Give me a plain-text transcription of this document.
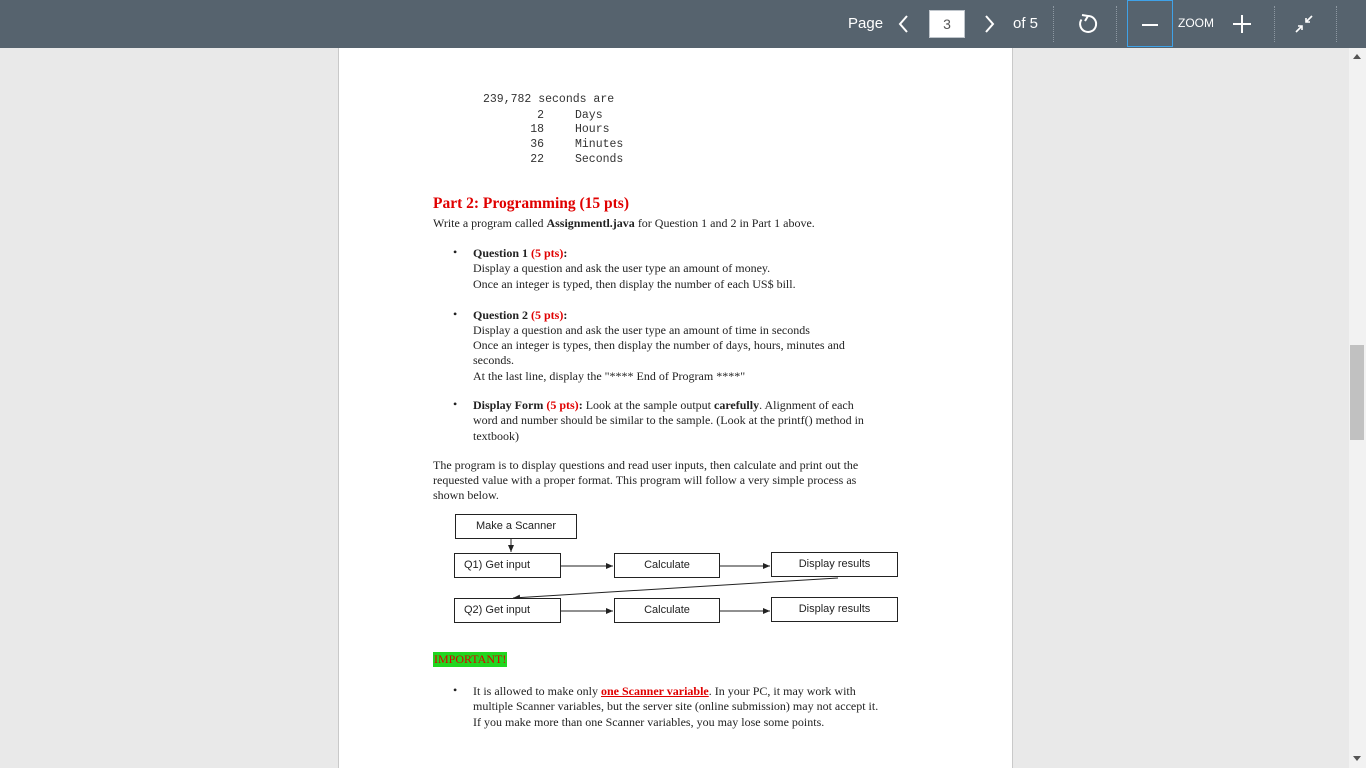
Page	3	of 5	ZOOM
239,782 seconds are
2	Days
18	Hours
36	Minutes
22	Seconds
Part 2: Programming (15 pts)
Write a program called Assignmentl.java for Question 1 and 2 in Part 1 above.
• Question 1 (5 pts):
Display a question and ask the user type an amount of money.
Once an integer is typed, then display the number of each US$ bill.
• Question 2 (5 pts):
Display a question and ask the user type an amount of time in seconds
Once an integer is types, then display the number of days, hours, minutes and
seconds.
At the last line, display the "**** End of Program ****"
• Display Form (5 pts): Look at the sample output carefully. Alignment of each
word and number should be similar to the sample. (Look at the printf() method in
textbook)
The program is to display questions and read user inputs, then calculate and print out the
requested value with a proper format. This program will follow a very simple process as
shown below.
Make a Scanner
Q1) Get input	Calculate	Display results
Q2) Get input	Calculate	Display results
IMPORTANT!
• It is allowed to make only one Scanner variable. In your PC, it may work with
multiple Scanner variables, but the server site (online submission) may not accept it.
If you make more than one Scanner variables, you may lose some points.
